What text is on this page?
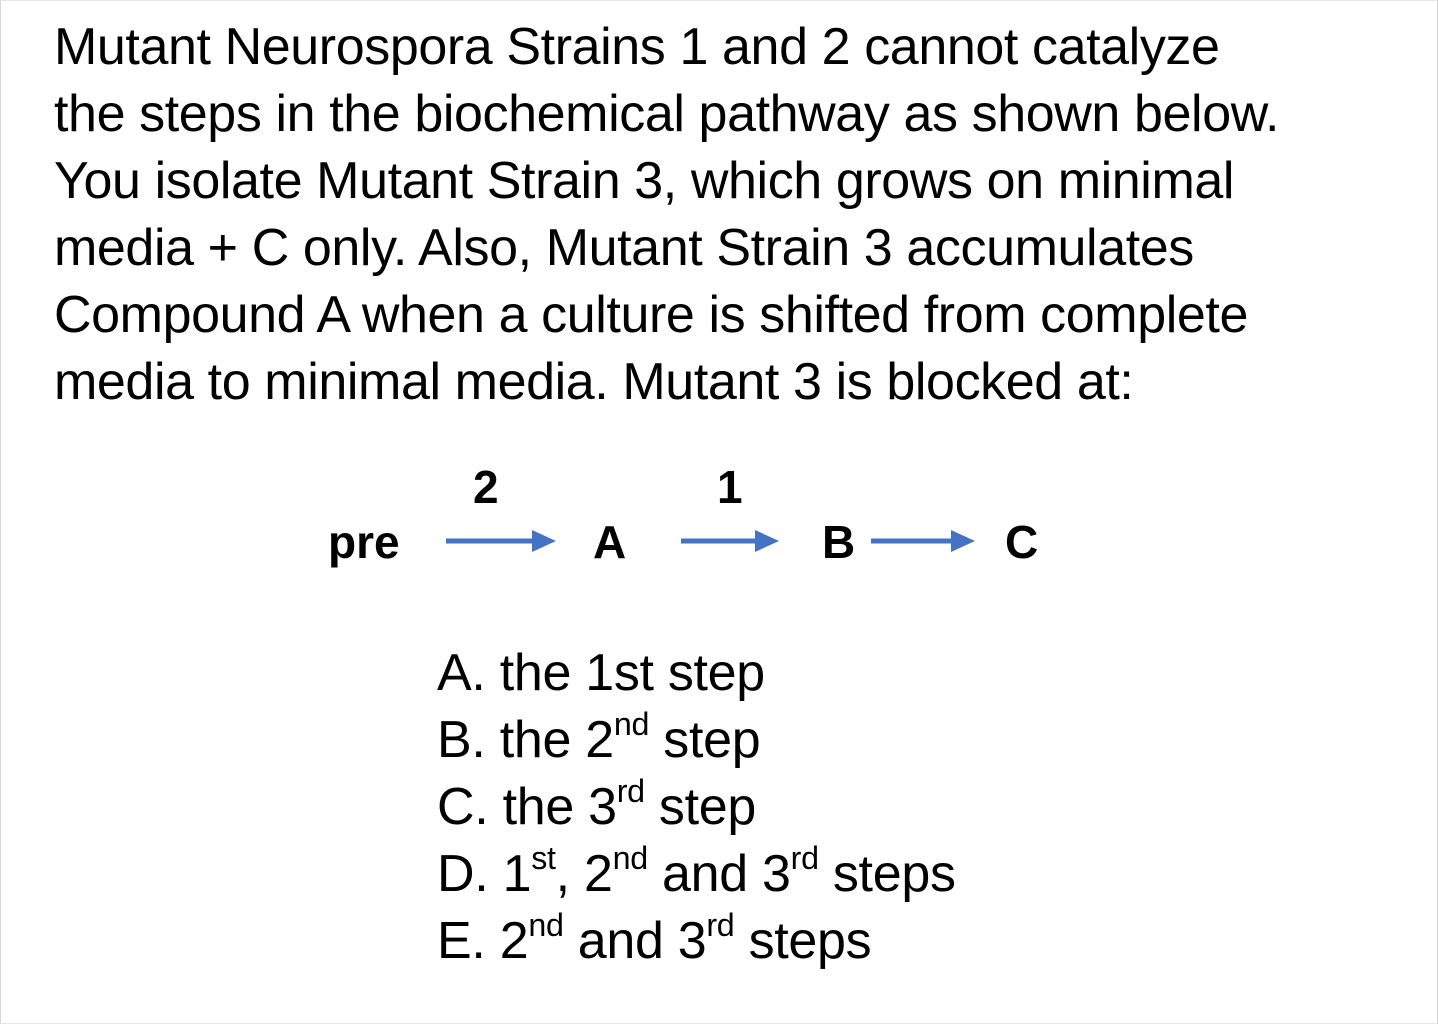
Mutant Neurospora Strains 1 and 2 cannot catalyze
the steps in the biochemical pathway as shown below.
You isolate Mutant Strain 3, which grows on minimal
media + C only. Also, Mutant Strain 3 accumulates
Compound A when a culture is shifted from complete
media to minimal media. Mutant 3 is blocked at:

2	1
pre	A	B	C
A. the 1st step
B. the 2nd step
C. the 3rd step
D. 1st, 2nd and 3rd steps
E. 2nd and 3rd steps
